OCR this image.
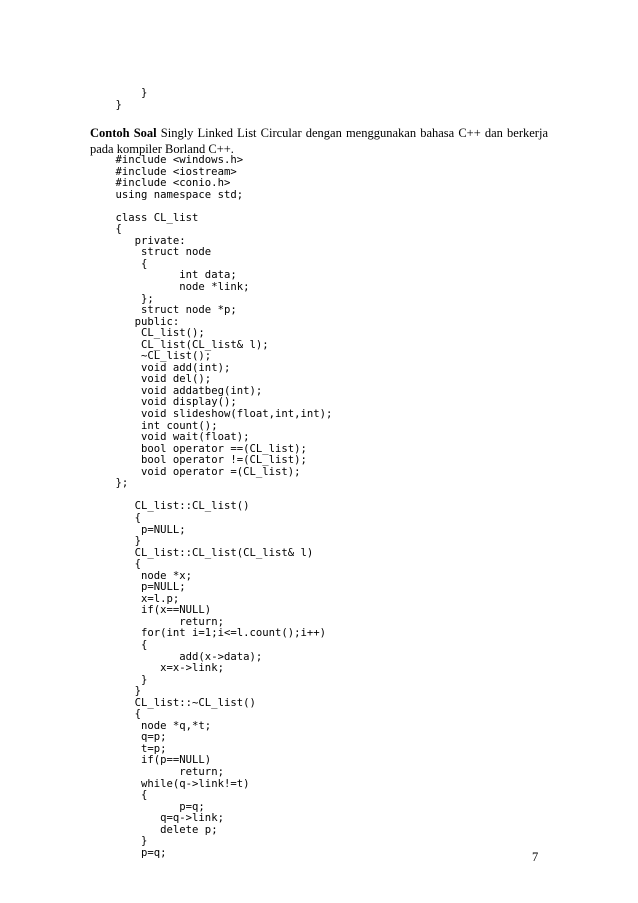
		}
	}
Contoh Soal Singly Linked List Circular dengan menggunakan bahasa C++ dan berkerja pada kompiler Borland C++.
	#include <windows.h>
	#include <iostream>
	#include <conio.h>
	using namespace std;

	class CL_list
	{
	private:
		struct node
		{
		int data;
		node *link;
		};
		struct node *p;
	public:
		CL_list();
		CL_list(CL_list& l);
		~CL_list();
		void add(int);
		void del();
		void addatbeg(int);
		void display();
		void slideshow(float,int,int);
		int count();
		void wait(float);
		bool operator ==(CL_list);
		bool operator !=(CL_list);
		void operator =(CL_list);
	};

	CL_list::CL_list()
	{
		p=NULL;
	}
	CL_list::CL_list(CL_list& l)
	{
		node *x;
		p=NULL;
		x=l.p;
		if(x==NULL)
		return;
		for(int i=1;i<=l.count();i++)
		{
		add(x->data);
		x=x->link;
		}
	}
	CL_list::~CL_list()
	{
		node *q,*t;
		q=p;
		t=p;
		if(p==NULL)
		return;
		while(q->link!=t)
		{
		p=q;
		q=q->link;
		delete p;
		}
		p=q;	7
